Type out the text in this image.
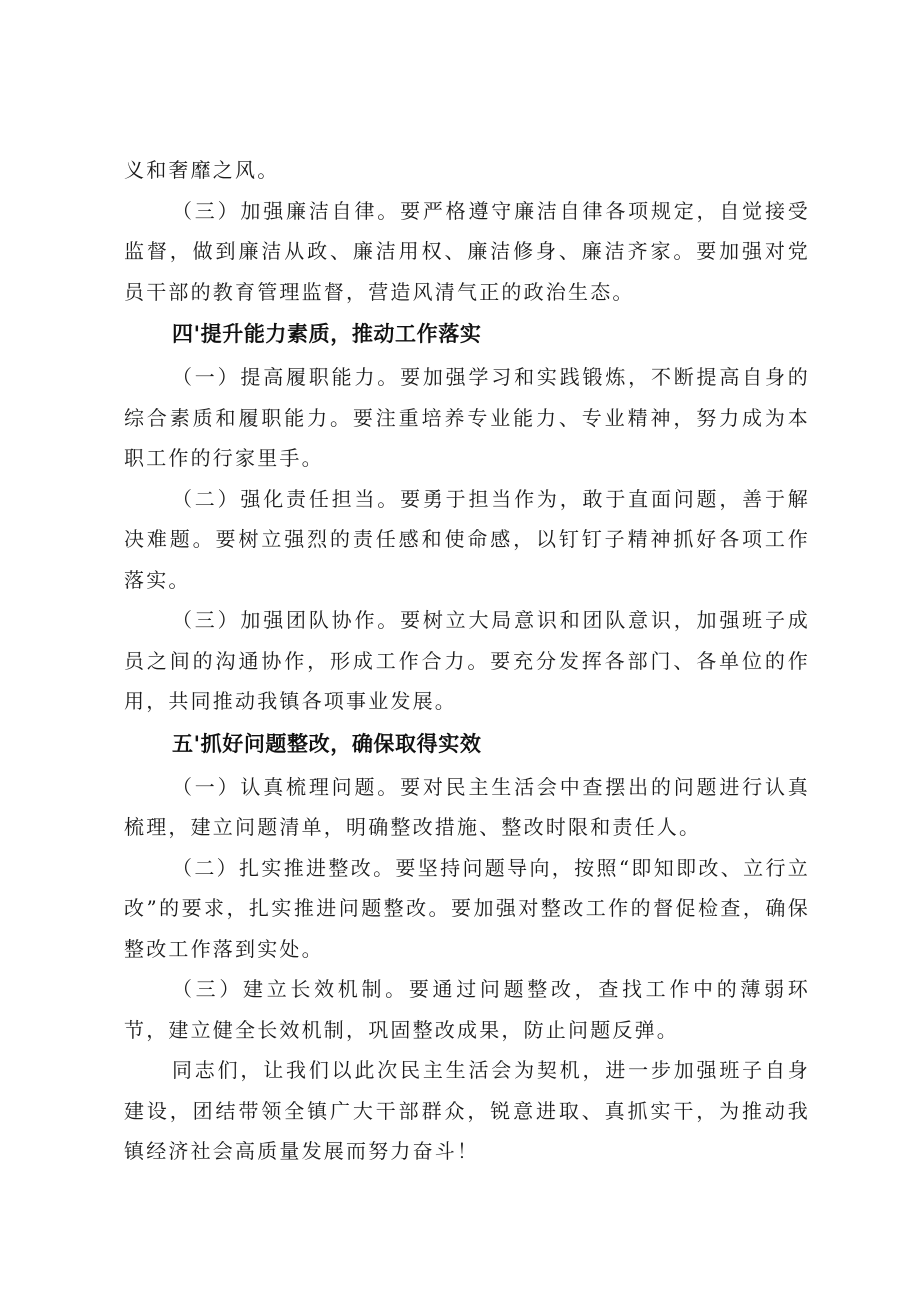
义和奢靡之风。

（三）加强廉洁自律。要严格遵守廉洁自律各项规定，自觉接受监督，做到廉洁从政、廉洁用权、廉洁修身、廉洁齐家。要加强对党员干部的教育管理监督，营造风清气正的政治生态。

四'提升能力素质，推动工作落实

（一）提高履职能力。要加强学习和实践锻炼，不断提高自身的综合素质和履职能力。要注重培养专业能力、专业精神，努力成为本职工作的行家里手。

（二）强化责任担当。要勇于担当作为，敢于直面问题，善于解决难题。要树立强烈的责任感和使命感，以钉钉子精神抓好各项工作落实。

（三）加强团队协作。要树立大局意识和团队意识，加强班子成员之间的沟通协作，形成工作合力。要充分发挥各部门、各单位的作用，共同推动我镇各项事业发展。

五'抓好问题整改，确保取得实效

（一）认真梳理问题。要对民主生活会中查摆出的问题进行认真梳理，建立问题清单，明确整改措施、整改时限和责任人。

（二）扎实推进整改。要坚持问题导向，按照“即知即改、立行立改”的要求，扎实推进问题整改。要加强对整改工作的督促检查，确保整改工作落到实处。

（三）建立长效机制。要通过问题整改，查找工作中的薄弱环节，建立健全长效机制，巩固整改成果，防止问题反弹。

同志们，让我们以此次民主生活会为契机，进一步加强班子自身建设，团结带领全镇广大干部群众，锐意进取、真抓实干，为推动我镇经济社会高质量发展而努力奋斗！
